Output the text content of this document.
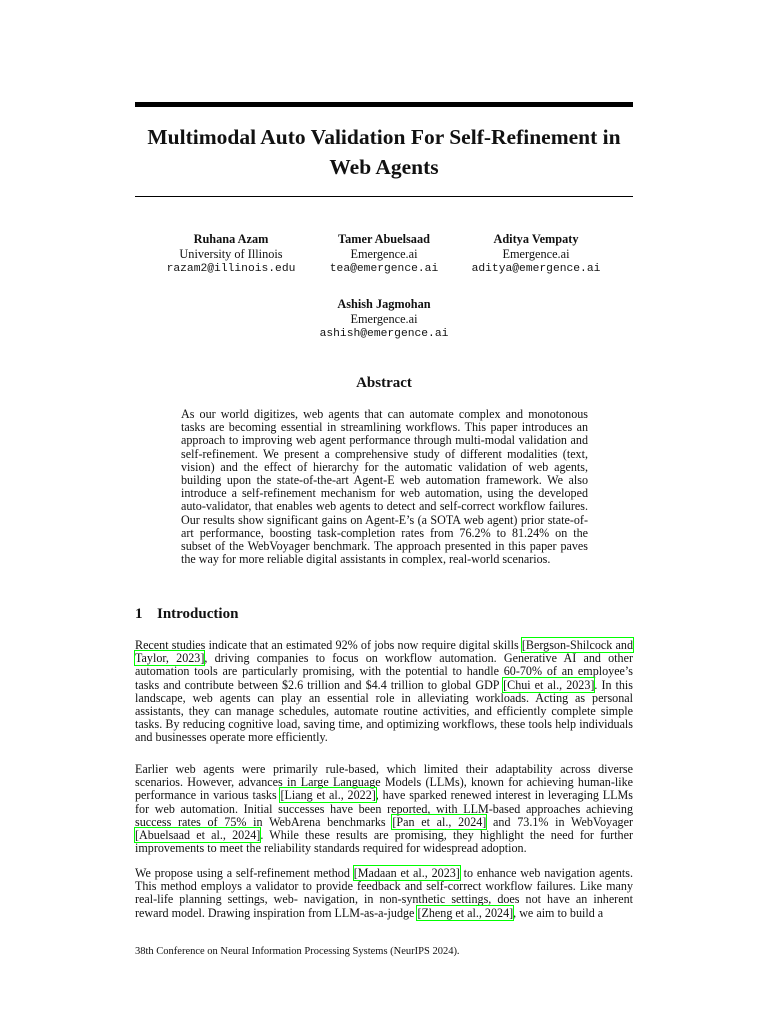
Multimodal Auto Validation For Self-Refinement in Web Agents
Ruhana Azam
University of Illinois
razam2@illinois.edu
Tamer Abuelsaad
Emergence.ai
tea@emergence.ai
Aditya Vempaty
Emergence.ai
aditya@emergence.ai
Ashish Jagmohan
Emergence.ai
ashish@emergence.ai
Abstract

As our world digitizes, web agents that can automate complex and monotonous tasks are becoming essential in streamlining workflows. This paper introduces an approach to improving web agent performance through multi-modal validation and self-refinement. We present a comprehensive study of different modalities (text, vision) and the effect of hierarchy for the automatic validation of web agents, building upon the state-of-the-art Agent-E web automation framework. We also introduce a self-refinement mechanism for web automation, using the developed auto-validator, that enables web agents to detect and self-correct workflow failures. Our results show significant gains on Agent-E’s (a SOTA web agent) prior state-of-art performance, boosting task-completion rates from 76.2% to 81.24% on the subset of the WebVoyager benchmark. The approach presented in this paper paves the way for more reliable digital assistants in complex, real-world scenarios.

1 Introduction

Recent studies indicate that an estimated 92% of jobs now require digital skills [Bergson-Shilcock and Taylor, 2023], driving companies to focus on workflow automation. Generative AI and other automation tools are particularly promising, with the potential to handle 60-70% of an employee’s tasks and contribute between $2.6 trillion and $4.4 trillion to global GDP [Chui et al., 2023]. In this landscape, web agents can play an essential role in alleviating workloads. Acting as personal assistants, they can manage schedules, automate routine activities, and efficiently complete simple tasks. By reducing cognitive load, saving time, and optimizing workflows, these tools help individuals and businesses operate more efficiently.

Earlier web agents were primarily rule-based, which limited their adaptability across diverse scenarios. However, advances in Large Language Models (LLMs), known for achieving human-like performance in various tasks [Liang et al., 2022], have sparked renewed interest in leveraging LLMs for web automation. Initial successes have been reported, with LLM-based approaches achieving success rates of 75% in WebArena benchmarks [Pan et al., 2024] and 73.1% in WebVoyager [Abuelsaad et al., 2024]. While these results are promising, they highlight the need for further improvements to meet the reliability standards required for widespread adoption.

We propose using a self-refinement method [Madaan et al., 2023] to enhance web navigation agents. This method employs a validator to provide feedback and self-correct workflow failures. Like many real-life planning settings, web- navigation, in non-synthetic settings, does not have an inherent reward model. Drawing inspiration from LLM-as-a-judge [Zheng et al., 2024], we aim to build a

38th Conference on Neural Information Processing Systems (NeurIPS 2024).
